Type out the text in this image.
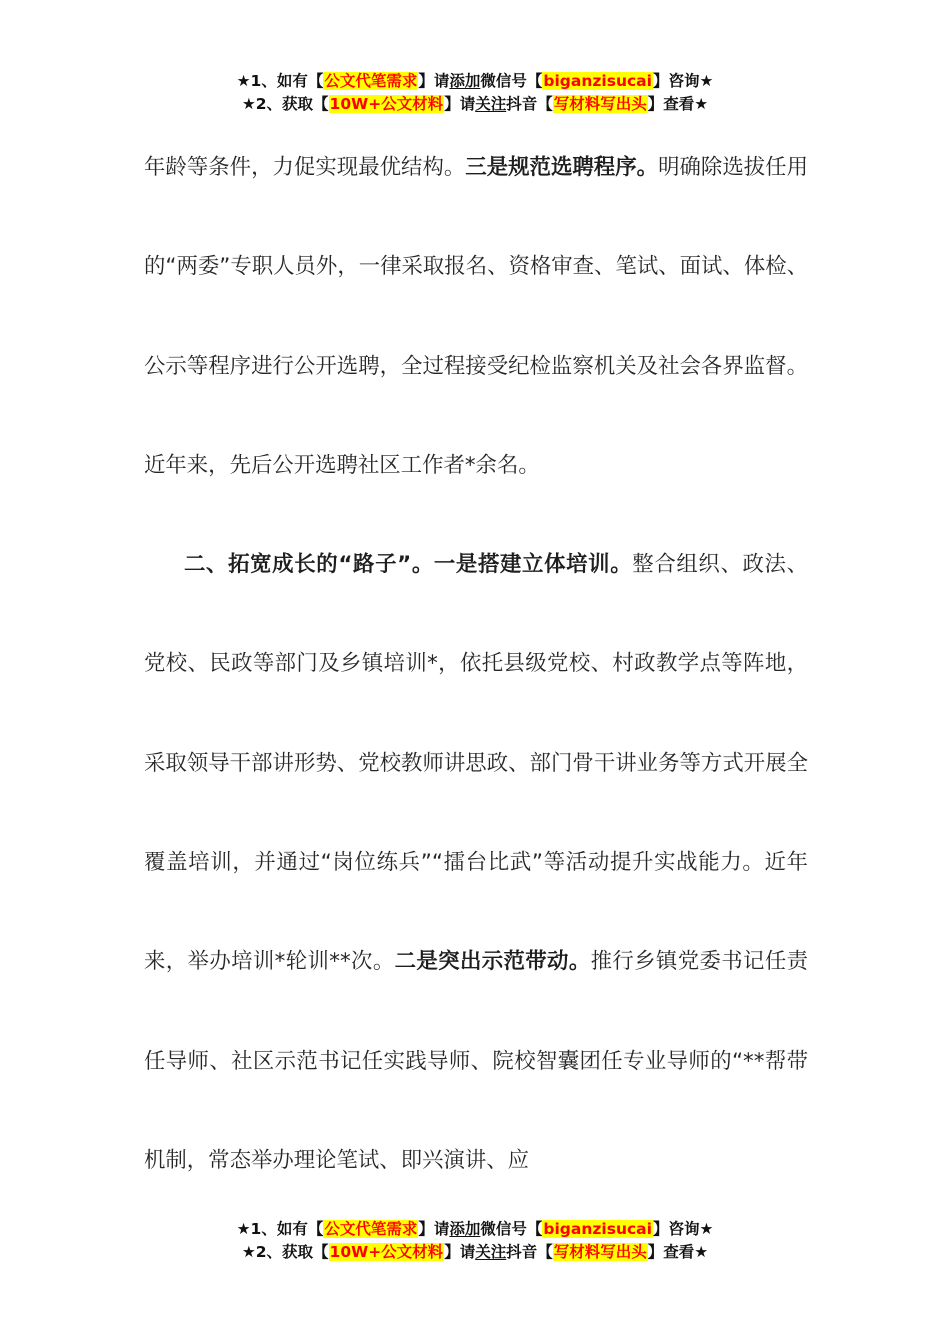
★1、如有【公文代笔需求】请添加微信号【biganzisucai】咨询★
★2、获取【10W+公文材料】请关注抖音【写材料写出头】查看★

年龄等条件，力促实现最优结构。三是规范选聘程序。明确除选拔任用的“两委”专职人员外，一律采取报名、资格审查、笔试、面试、体检、公示等程序进行公开选聘，全过程接受纪检监察机关及社会各界监督。近年来，先后公开选聘社区工作者*余名。

二、拓宽成长的“路子”。一是搭建立体培训。整合组织、政法、党校、民政等部门及乡镇培训*，依托县级党校、村政教学点等阵地，采取领导干部讲形势、党校教师讲思政、部门骨干讲业务等方式开展全覆盖培训，并通过“岗位练兵”“擂台比武”等活动提升实战能力。近年来，举办培训*轮训**次。二是突出示范带动。推行乡镇党委书记任责任导师、社区示范书记任实践导师、院校智囊团任专业导师的“**帮带机制，常态举办理论笔试、即兴演讲、应

★1、如有【公文代笔需求】请添加微信号【biganzisucai】咨询★
★2、获取【10W+公文材料】请关注抖音【写材料写出头】查看★
